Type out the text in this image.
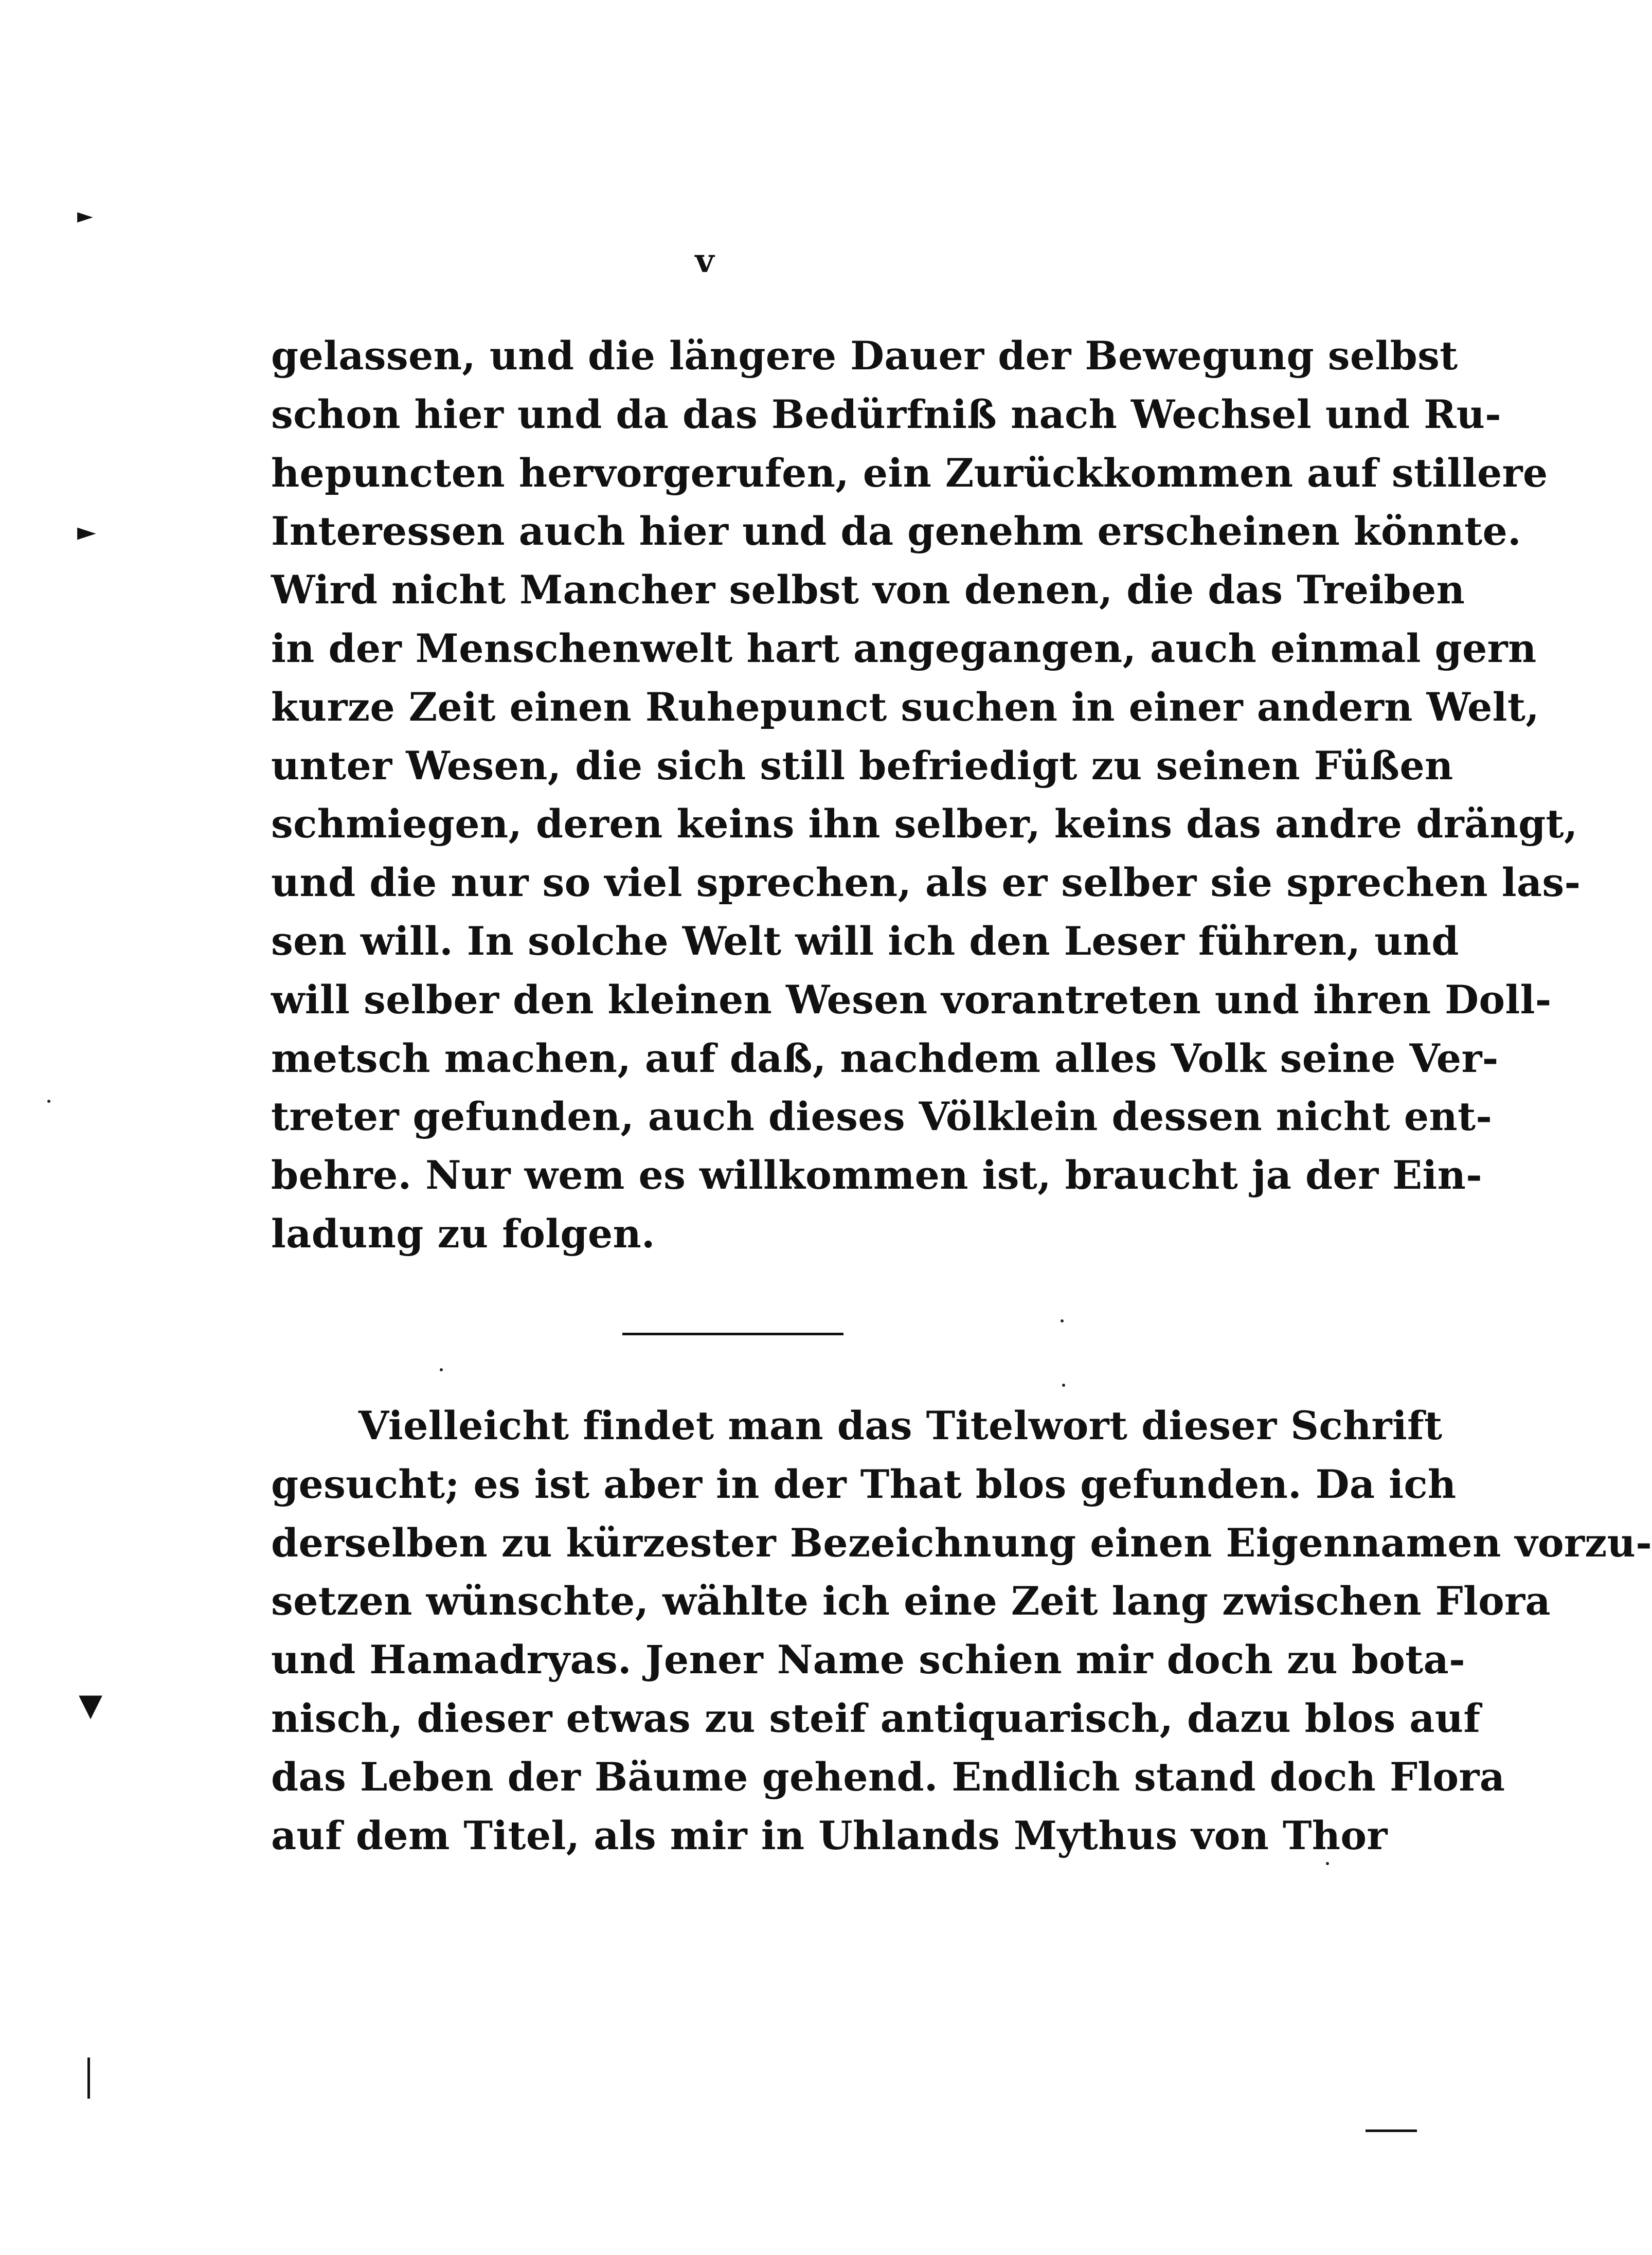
v
gelassen, und die längere Dauer der Bewegung selbst
schon hier und da das Bedürfniß nach Wechsel und Ru-
hepuncten hervorgerufen, ein Zurückkommen auf stillere
Interessen auch hier und da genehm erscheinen könnte.
Wird nicht Mancher selbst von denen, die das Treiben
in der Menschenwelt hart angegangen, auch einmal gern
kurze Zeit einen Ruhepunct suchen in einer andern Welt,
unter Wesen, die sich still befriedigt zu seinen Füßen
schmiegen, deren keins ihn selber, keins das andre drängt,
und die nur so viel sprechen, als er selber sie sprechen las-
sen will. In solche Welt will ich den Leser führen, und
will selber den kleinen Wesen vorantreten und ihren Doll-
metsch machen, auf daß, nachdem alles Volk seine Ver-
treter gefunden, auch dieses Völklein dessen nicht ent-
behre. Nur wem es willkommen ist, braucht ja der Ein-
ladung zu folgen.
Vielleicht findet man das Titelwort dieser Schrift
gesucht; es ist aber in der That blos gefunden. Da ich
derselben zu kürzester Bezeichnung einen Eigennamen vorzu-
setzen wünschte, wählte ich eine Zeit lang zwischen Flora
und Hamadryas. Jener Name schien mir doch zu bota-
nisch, dieser etwas zu steif antiquarisch, dazu blos auf
das Leben der Bäume gehend. Endlich stand doch Flora
auf dem Titel, als mir in Uhlands Mythus von Thor
►
►
▼
